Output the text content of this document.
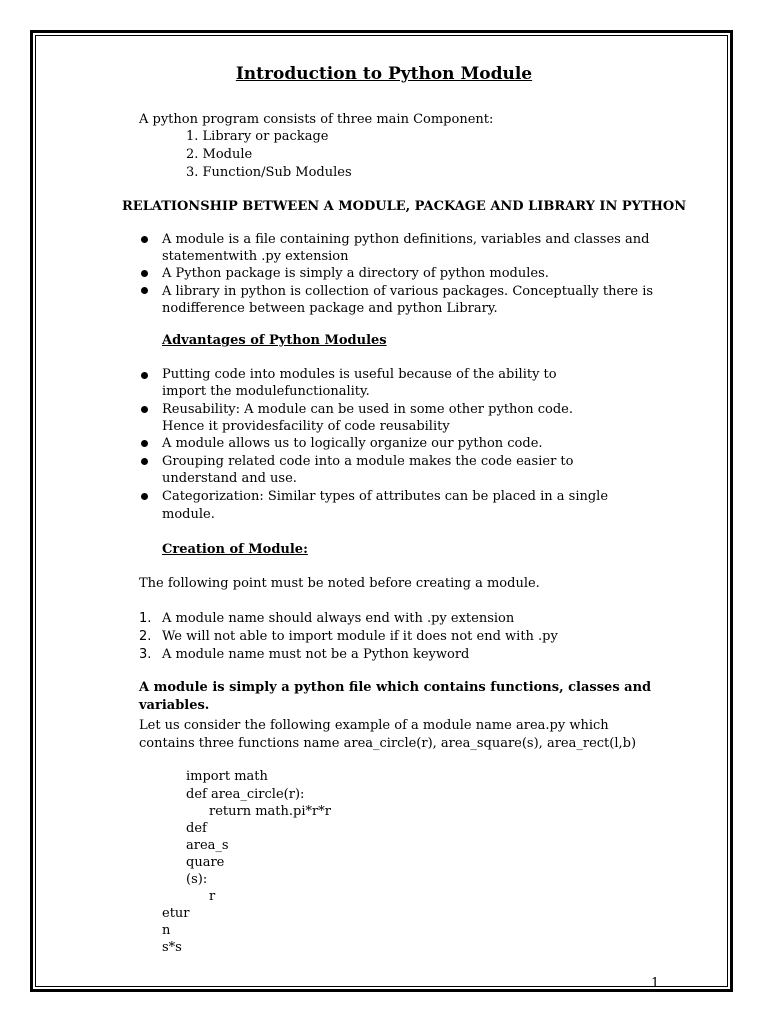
Introduction to Python Module
A python program consists of three main Component:
1. Library or package
2. Module
3. Function/Sub Modules
RELATIONSHIP BETWEEN A MODULE, PACKAGE AND LIBRARY IN PYTHON
A module is a file containing python definitions, variables and classes and
statementwith .py extension
A Python package is simply a directory of python modules.
A library in python is collection of various packages. Conceptually there is
nodifference between package and python Library.
Advantages of Python Modules
Putting code into modules is useful because of the ability to
import the modulefunctionality.
Reusability: A module can be used in some other python code.
Hence it providesfacility of code reusability
A module allows us to logically organize our python code.
Grouping related code into a module makes the code easier to
understand and use.
Categorization: Similar types of attributes can be placed in a single
module.
Creation of Module:
The following point must be noted before creating a module.
1. A module name should always end with .py extension
2. We will not able to import module if it does not end with .py
3. A module name must not be a Python keyword
A module is simply a python file which contains functions, classes and
variables.
Let us consider the following example of a module name area.py which
contains three functions name area_circle(r), area_square(s), area_rect(l,b)
import math
def area_circle(r):
return math.pi*r*r
def
area_s
quare
(s):
r
etur
n
s*s
1
